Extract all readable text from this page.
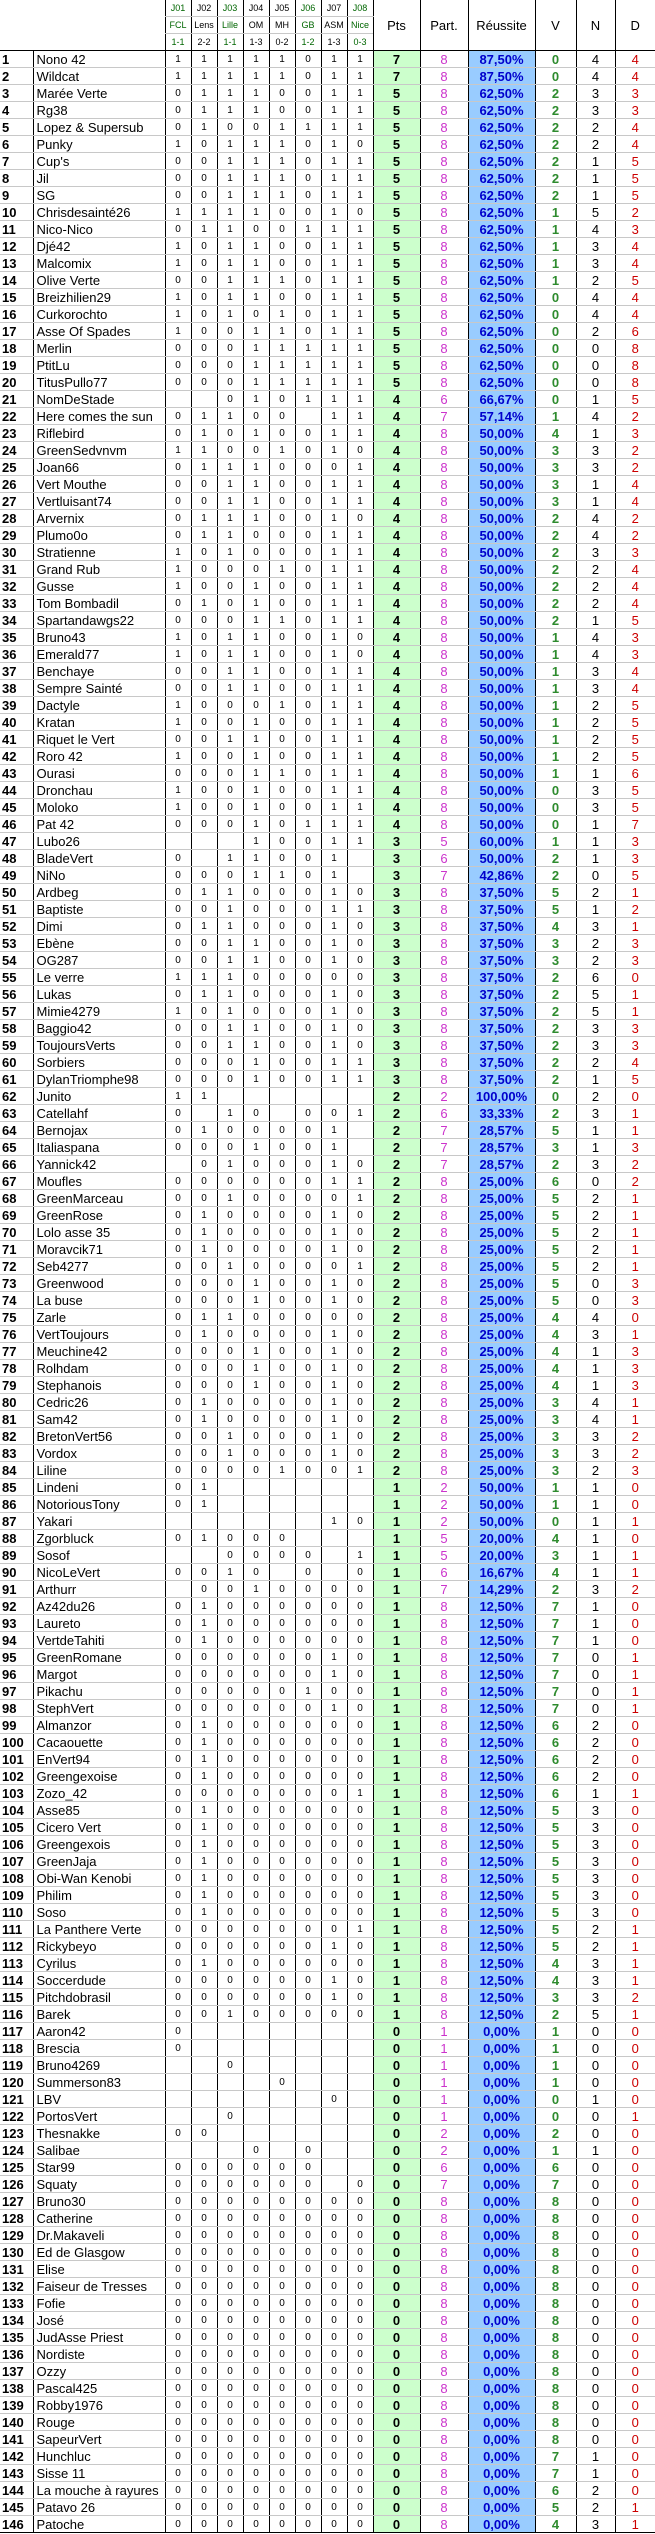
		J01	J02	J03	J04	J05	J06	J07	J08	Pts	Part.	Réussite	V	N	D
		FCL	Lens	Lille	OM	MH	GB	ASM	Nice						
		1-1	2-2	1-1	1-3	0-2	1-2	1-3	0-3						
1	Nono 42	1	1	1	1	1	0	1	1	7	8	87,50%	0	4	4
2	Wildcat	1	1	1	1	1	0	1	1	7	8	87,50%	0	4	4
3	Marée Verte	0	1	1	1	0	0	1	1	5	8	62,50%	2	3	3
4	Rg38	0	1	1	1	0	0	1	1	5	8	62,50%	2	3	3
5	Lopez & Supersub	0	1	0	0	1	1	1	1	5	8	62,50%	2	2	4
6	Punky	1	0	1	1	1	0	1	0	5	8	62,50%	2	2	4
7	Cup's	0	0	1	1	1	0	1	1	5	8	62,50%	2	1	5
8	Jil	0	0	1	1	1	0	1	1	5	8	62,50%	2	1	5
9	SG	0	0	1	1	1	0	1	1	5	8	62,50%	2	1	5
10	Chrisdesainté26	1	1	1	1	0	0	1	0	5	8	62,50%	1	5	2
11	Nico-Nico	0	1	1	0	0	1	1	1	5	8	62,50%	1	4	3
12	Djé42	1	0	1	1	0	0	1	1	5	8	62,50%	1	3	4
13	Malcomix	1	0	1	1	0	0	1	1	5	8	62,50%	1	3	4
14	Olive Verte	0	0	1	1	1	0	1	1	5	8	62,50%	1	2	5
15	Breizhilien29	1	0	1	1	0	0	1	1	5	8	62,50%	0	4	4
16	Curkorochto	1	0	1	0	1	0	1	1	5	8	62,50%	0	4	4
17	Asse Of Spades	1	0	0	1	1	0	1	1	5	8	62,50%	0	2	6
18	Merlin	0	0	0	1	1	1	1	1	5	8	62,50%	0	0	8
19	PtitLu	0	0	0	1	1	1	1	1	5	8	62,50%	0	0	8
20	TitusPullo77	0	0	0	1	1	1	1	1	5	8	62,50%	0	0	8
21	NomDeStade			0	1	0	1	1	1	4	6	66,67%	0	1	5
22	Here comes the sun	0	1	1	0	0		1	1	4	7	57,14%	1	4	2
23	Riflebird	0	1	0	1	0	0	1	1	4	8	50,00%	4	1	3
24	GreenSedvnvm	1	1	0	0	1	0	1	0	4	8	50,00%	3	3	2
25	Joan66	0	1	1	1	0	0	0	1	4	8	50,00%	3	3	2
26	Vert Mouthe	0	0	1	1	0	0	1	1	4	8	50,00%	3	1	4
27	Vertluisant74	0	0	1	1	0	0	1	1	4	8	50,00%	3	1	4
28	Arvernix	0	1	1	1	0	0	1	0	4	8	50,00%	2	4	2
29	Plumo0o	0	1	1	0	0	0	1	1	4	8	50,00%	2	4	2
30	Stratienne	1	0	1	0	0	0	1	1	4	8	50,00%	2	3	3
31	Grand Rub	1	0	0	0	1	0	1	1	4	8	50,00%	2	2	4
32	Gusse	1	0	0	1	0	0	1	1	4	8	50,00%	2	2	4
33	Tom Bombadil	0	1	0	1	0	0	1	1	4	8	50,00%	2	2	4
34	Spartandawgs22	0	0	0	1	1	0	1	1	4	8	50,00%	2	1	5
35	Bruno43	1	0	1	1	0	0	1	0	4	8	50,00%	1	4	3
36	Emerald77	1	0	1	1	0	0	1	0	4	8	50,00%	1	4	3
37	Benchaye	0	0	1	1	0	0	1	1	4	8	50,00%	1	3	4
38	Sempre Sainté	0	0	1	1	0	0	1	1	4	8	50,00%	1	3	4
39	Dactyle	1	0	0	0	1	0	1	1	4	8	50,00%	1	2	5
40	Kratan	1	0	0	1	0	0	1	1	4	8	50,00%	1	2	5
41	Riquet le Vert	0	0	1	1	0	0	1	1	4	8	50,00%	1	2	5
42	Roro 42	1	0	0	1	0	0	1	1	4	8	50,00%	1	2	5
43	Ourasi	0	0	0	1	1	0	1	1	4	8	50,00%	1	1	6
44	Dronchau	1	0	0	1	0	0	1	1	4	8	50,00%	0	3	5
45	Moloko	1	0	0	1	0	0	1	1	4	8	50,00%	0	3	5
46	Pat 42	0	0	0	1	0	1	1	1	4	8	50,00%	0	1	7
47	Lubo26				1	0	0	1	1	3	5	60,00%	1	1	3
48	BladeVert	0		1	1	0	0	1		3	6	50,00%	2	1	3
49	NiNo	0	0	0	1	1	0	1		3	7	42,86%	2	0	5
50	Ardbeg	0	1	1	0	0	0	1	0	3	8	37,50%	5	2	1
51	Baptiste	0	0	1	0	0	0	1	1	3	8	37,50%	5	1	2
52	Dimi	0	1	1	0	0	0	1	0	3	8	37,50%	4	3	1
53	Ebène	0	0	1	1	0	0	1	0	3	8	37,50%	3	2	3
54	OG287	0	0	1	1	0	0	1	0	3	8	37,50%	3	2	3
55	Le verre	1	1	1	0	0	0	0	0	3	8	37,50%	2	6	0
56	Lukas	0	1	1	0	0	0	1	0	3	8	37,50%	2	5	1
57	Mimie4279	1	0	1	0	0	0	1	0	3	8	37,50%	2	5	1
58	Baggio42	0	0	1	1	0	0	1	0	3	8	37,50%	2	3	3
59	ToujoursVerts	0	0	1	1	0	0	1	0	3	8	37,50%	2	3	3
60	Sorbiers	0	0	0	1	0	0	1	1	3	8	37,50%	2	2	4
61	DylanTriomphe98	0	0	0	1	0	0	1	1	3	8	37,50%	2	1	5
62	Junito	1	1							2	2	100,00%	0	2	0
63	Catellahf	0		1	0		0	0	1	2	6	33,33%	2	3	1
64	Bernojax	0	1	0	0	0	0	1		2	7	28,57%	5	1	1
65	Italiaspana	0	0	0	1	0	0	1		2	7	28,57%	3	1	3
66	Yannick42		0	1	0	0	0	1	0	2	7	28,57%	2	3	2
67	Moufles	0	0	0	0	0	0	1	1	2	8	25,00%	6	0	2
68	GreenMarceau	0	0	1	0	0	0	0	1	2	8	25,00%	5	2	1
69	GreenRose	0	1	0	0	0	0	1	0	2	8	25,00%	5	2	1
70	Lolo asse 35	0	1	0	0	0	0	1	0	2	8	25,00%	5	2	1
71	Moravcik71	0	1	0	0	0	0	1	0	2	8	25,00%	5	2	1
72	Seb4277	0	0	1	0	0	0	0	1	2	8	25,00%	5	2	1
73	Greenwood	0	0	0	1	0	0	1	0	2	8	25,00%	5	0	3
74	La buse	0	0	0	1	0	0	1	0	2	8	25,00%	5	0	3
75	Zarle	0	1	1	0	0	0	0	0	2	8	25,00%	4	4	0
76	VertToujours	0	1	0	0	0	0	1	0	2	8	25,00%	4	3	1
77	Meuchine42	0	0	0	1	0	0	1	0	2	8	25,00%	4	1	3
78	Rolhdam	0	0	0	1	0	0	1	0	2	8	25,00%	4	1	3
79	Stephanois	0	0	0	1	0	0	1	0	2	8	25,00%	4	1	3
80	Cedric26	0	1	0	0	0	0	1	0	2	8	25,00%	3	4	1
81	Sam42	0	1	0	0	0	0	1	0	2	8	25,00%	3	4	1
82	BretonVert56	0	0	1	0	0	0	1	0	2	8	25,00%	3	3	2
83	Vordox	0	0	1	0	0	0	1	0	2	8	25,00%	3	3	2
84	Liline	0	0	0	0	1	0	0	1	2	8	25,00%	3	2	3
85	Lindeni	0	1							1	2	50,00%	1	1	0
86	NotoriousTony	0	1							1	2	50,00%	1	1	0
87	Yakari							1	0	1	2	50,00%	0	1	1
88	Zgorbluck	0	1	0	0	0				1	5	20,00%	4	1	0
89	Sosof			0	0	0	0		1	1	5	20,00%	3	1	1
90	NicoLeVert	0	0	1	0		0		0	1	6	16,67%	4	1	1
91	Arthurr		0	0	1	0	0	0	0	1	7	14,29%	2	3	2
92	Az42du26	0	1	0	0	0	0	0	0	1	8	12,50%	7	1	0
93	Laureto	0	1	0	0	0	0	0	0	1	8	12,50%	7	1	0
94	VertdeTahiti	0	1	0	0	0	0	0	0	1	8	12,50%	7	1	0
95	GreenRomane	0	0	0	0	0	0	1	0	1	8	12,50%	7	0	1
96	Margot	0	0	0	0	0	0	1	0	1	8	12,50%	7	0	1
97	Pikachu	0	0	0	0	0	1	0	0	1	8	12,50%	7	0	1
98	StephVert	0	0	0	0	0	0	1	0	1	8	12,50%	7	0	1
99	Almanzor	0	1	0	0	0	0	0	0	1	8	12,50%	6	2	0
100	Cacaouette	0	1	0	0	0	0	0	0	1	8	12,50%	6	2	0
101	EnVert94	0	1	0	0	0	0	0	0	1	8	12,50%	6	2	0
102	Greengexoise	0	1	0	0	0	0	0	0	1	8	12,50%	6	2	0
103	Zozo_42	0	0	0	0	0	0	0	1	1	8	12,50%	6	1	1
104	Asse85	0	1	0	0	0	0	0	0	1	8	12,50%	5	3	0
105	Cicero Vert	0	1	0	0	0	0	0	0	1	8	12,50%	5	3	0
106	Greengexois	0	1	0	0	0	0	0	0	1	8	12,50%	5	3	0
107	GreenJaja	0	1	0	0	0	0	0	0	1	8	12,50%	5	3	0
108	Obi-Wan Kenobi	0	1	0	0	0	0	0	0	1	8	12,50%	5	3	0
109	Philim	0	1	0	0	0	0	0	0	1	8	12,50%	5	3	0
110	Soso	0	1	0	0	0	0	0	0	1	8	12,50%	5	3	0
111	La Panthere Verte	0	0	0	0	0	0	0	1	1	8	12,50%	5	2	1
112	Rickybeyo	0	0	0	0	0	0	1	0	1	8	12,50%	5	2	1
113	Cyrilus	0	1	0	0	0	0	0	0	1	8	12,50%	4	3	1
114	Soccerdude	0	0	0	0	0	0	1	0	1	8	12,50%	4	3	1
115	Pitchdobrasil	0	0	0	0	0	0	1	0	1	8	12,50%	3	3	2
116	Barek	0	0	1	0	0	0	0	0	1	8	12,50%	2	5	1
117	Aaron42	0								0	1	0,00%	1	0	0
118	Brescia	0								0	1	0,00%	1	0	0
119	Bruno4269			0						0	1	0,00%	1	0	0
120	Summerson83					0				0	1	0,00%	1	0	0
121	LBV							0		0	1	0,00%	0	1	0
122	PortosVert			0						0	1	0,00%	0	0	1
123	Thesnakke	0	0							0	2	0,00%	2	0	0
124	Salibae				0		0			0	2	0,00%	1	1	0
125	Star99	0	0	0	0	0	0			0	6	0,00%	6	0	0
126	Squaty	0	0	0	0	0	0		0	0	7	0,00%	7	0	0
127	Bruno30	0	0	0	0	0	0	0	0	0	8	0,00%	8	0	0
128	Catherine	0	0	0	0	0	0	0	0	0	8	0,00%	8	0	0
129	Dr.Makaveli	0	0	0	0	0	0	0	0	0	8	0,00%	8	0	0
130	Ed de Glasgow	0	0	0	0	0	0	0	0	0	8	0,00%	8	0	0
131	Elise	0	0	0	0	0	0	0	0	0	8	0,00%	8	0	0
132	Faiseur de Tresses	0	0	0	0	0	0	0	0	0	8	0,00%	8	0	0
133	Fofie	0	0	0	0	0	0	0	0	0	8	0,00%	8	0	0
134	José	0	0	0	0	0	0	0	0	0	8	0,00%	8	0	0
135	JudAsse Priest	0	0	0	0	0	0	0	0	0	8	0,00%	8	0	0
136	Nordiste	0	0	0	0	0	0	0	0	0	8	0,00%	8	0	0
137	Ozzy	0	0	0	0	0	0	0	0	0	8	0,00%	8	0	0
138	Pascal425	0	0	0	0	0	0	0	0	0	8	0,00%	8	0	0
139	Robby1976	0	0	0	0	0	0	0	0	0	8	0,00%	8	0	0
140	Rouge	0	0	0	0	0	0	0	0	0	8	0,00%	8	0	0
141	SapeurVert	0	0	0	0	0	0	0	0	0	8	0,00%	8	0	0
142	Hunchluc	0	0	0	0	0	0	0	0	0	8	0,00%	7	1	0
143	Sisse 11	0	0	0	0	0	0	0	0	0	8	0,00%	7	1	0
144	La mouche à rayures	0	0	0	0	0	0	0	0	0	8	0,00%	6	2	0
145	Patavo 26	0	0	0	0	0	0	0	0	0	8	0,00%	5	2	1
146	Patoche	0	0	0	0	0	0	0	0	0	8	0,00%	4	3	1
